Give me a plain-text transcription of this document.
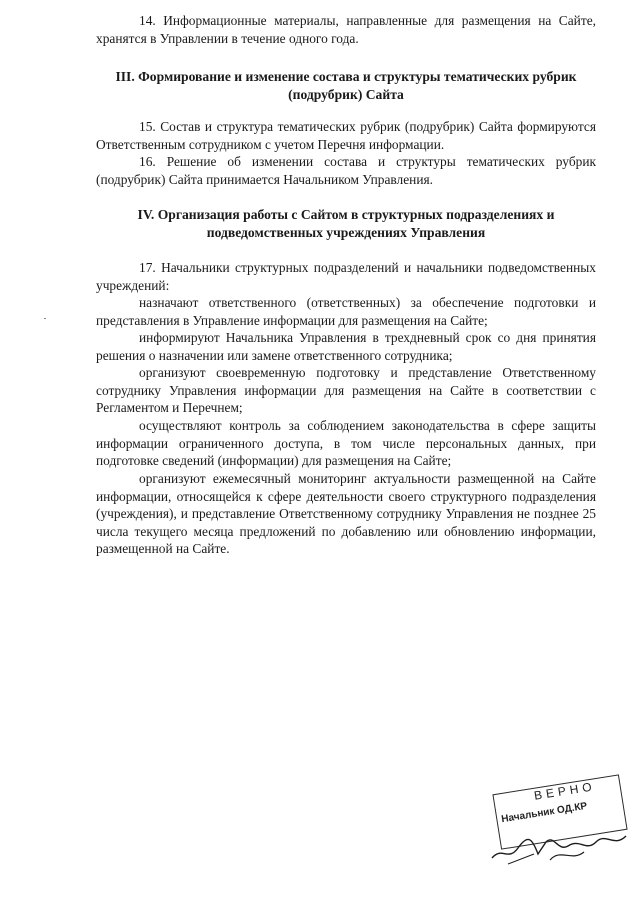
14. Информационные материалы, направленные для размещения на Сайте, хранятся в Управлении в течение одного года.

III. Формирование и изменение состава и структуры тематических рубрик (подрубрик) Сайта

15. Состав и структура тематических рубрик (подрубрик) Сайта формируются Ответственным сотрудником с учетом Перечня информации.

16. Решение об изменении состава и структуры тематических рубрик (подрубрик) Сайта принимается Начальником Управления.

IV. Организация работы с Сайтом в структурных подразделениях и подведомственных учреждениях Управления

17. Начальники структурных подразделений и начальники подведомственных учреждений:

назначают ответственного (ответственных) за обеспечение подготовки и представления в Управление информации для размещения на Сайте;

информируют Начальника Управления в трехдневный срок со дня принятия решения о назначении или замене ответственного сотрудника;

организуют своевременную подготовку и представление Ответственному сотруднику Управления информации для размещения на Сайте в соответствии с Регламентом и Перечнем;

осуществляют контроль за соблюдением законодательства в сфере защиты информации ограниченного доступа, в том числе персональных данных, при подготовке сведений (информации) для размещения на Сайте;

организуют ежемесячный мониторинг актуальности размещенной на Сайте информации, относящейся к сфере деятельности своего структурного подразделения (учреждения), и представление Ответственному сотруднику Управления не позднее 25 числа текущего месяца предложений по добавлению или обновлению информации, размещенной на Сайте.

ВЕРНО
Начальник ОД.КР
